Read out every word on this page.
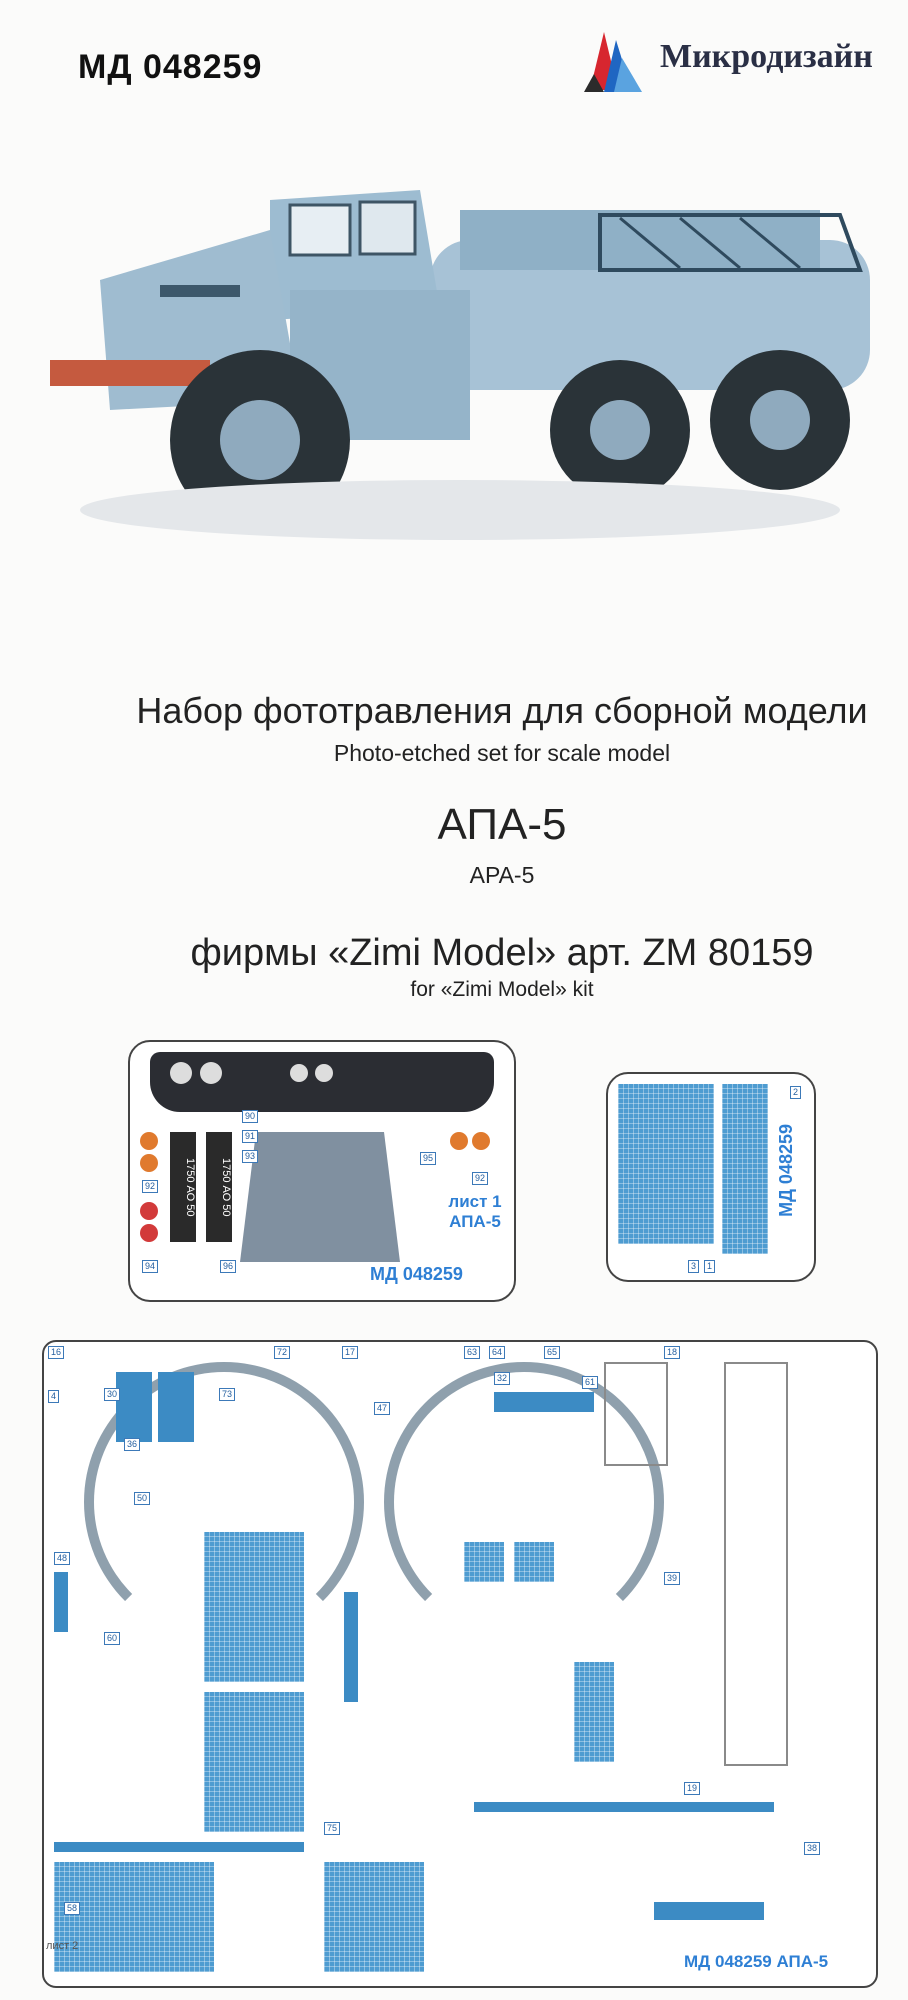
МД 048259	Микродизайн
Набор фототравления для сборной модели
Photo-etched set for scale model
АПА-5
APA-5
фирмы «Zimi Model» арт. ZM 80159
for «Zimi Model» kit
1750 АО 50	1750 АО 50	лист 1
АПА-5
МД 048259
90
91
93
92
94	96
95
92	МД 048259
2
3	1
16
4
72	17	18
63	64	65
61
30	73
75
47
32
38
36
39
19
50
48
58
60
лист 2
МД 048259 АПА-5
